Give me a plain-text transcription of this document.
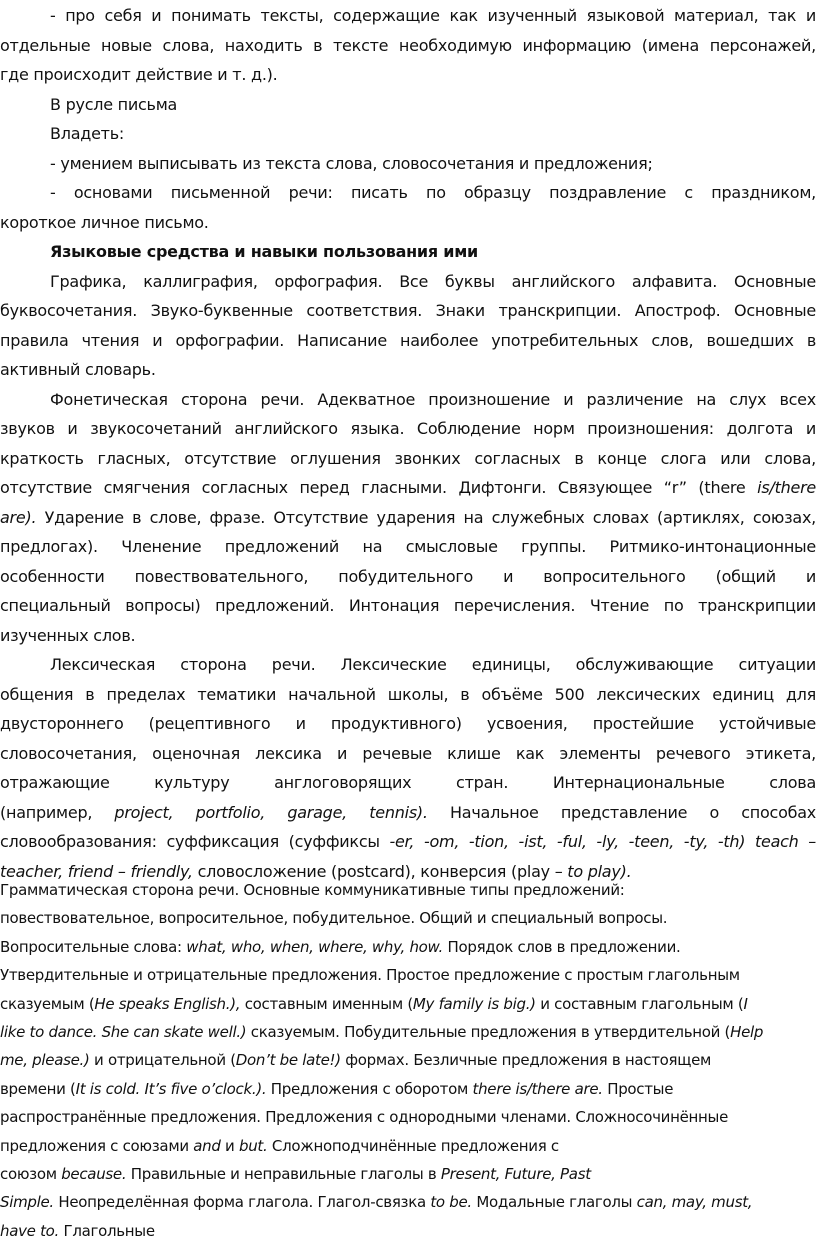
- про себя и понимать тексты, содержащие как изученный языковой материал, так и
отдельные новые слова, находить в тексте необходимую информацию (имена персонажей,
где происходит действие и т. д.).
В русле письма
Владеть:
- умением выписывать из текста слова, словосочетания и предложения;
- основами письменной речи: писать по образцу поздравление с праздником,
короткое личное письмо.
Языковые средства и навыки пользования ими
Графика, каллиграфия, орфография. Все буквы английского алфавита. Основные
буквосочетания. Звуко-буквенные соответствия. Знаки транскрипции. Апостроф. Основные
правила чтения и орфографии. Написание наиболее употребительных слов, вошедших в
активный словарь.
Фонетическая сторона речи. Адекватное произношение и различение на слух всех
звуков и звукосочетаний английского языка. Соблюдение норм произношения: долгота и
краткость гласных, отсутствие оглушения звонких согласных в конце слога или слова,
отсутствие смягчения согласных перед гласными. Дифтонги. Связующее “r” (there is/there
are). Ударение в слове, фразе. Отсутствие ударения на служебных словах (артиклях, союзах,
предлогах). Членение предложений на смысловые группы. Ритмико-интонационные
особенности повествовательного, побудительного и вопросительного (общий и
специальный вопросы) предложений. Интонация перечисления. Чтение по транскрипции
изученных слов.
Лексическая сторона речи. Лексические единицы, обслуживающие ситуации
общения в пределах тематики начальной школы, в объёме 500 лексических единиц для
двустороннего (рецептивного и продуктивного) усвоения, простейшие устойчивые
словосочетания, оценочная лексика и речевые клише как элементы речевого этикета,
отражающие культуру англоговорящих стран. Интернациональные слова
(например, project, portfolio, garage, tennis). Начальное представление о способах
словообразования: суффиксация (суффиксы -er, -om, -tion, -ist, -ful, -ly, -teen, -ty, -th) teach –
teacher, friend – friendly, словосложение (postcard), конверсия (play – to play).
Грамматическая сторона речи. Основные коммуникативные типы предложений:
повествовательное, вопросительное, побудительное. Общий и специальный вопросы.
Вопросительные слова: what, who, when, where, why, how. Порядок слов в предложении.
Утвердительные и отрицательные предложения. Простое предложение с простым глагольным
сказуемым (He speaks English.), составным именным (My family is big.) и составным глагольным (I
like to dance. She can skate well.) сказуемым. Побудительные предложения в утвердительной (Help
me, please.) и отрицательной (Don’t be late!) формах. Безличные предложения в настоящем
времени (It is cold. It’s five o’clock.). Предложения с оборотом there is/there are. Простые
распространённые предложения. Предложения с однородными членами. Сложносочинённые
предложения с союзами and и but. Сложноподчинённые предложения с
союзом because. Правильные и неправильные глаголы в Present, Future, Past
Simple. Неопределённая форма глагола. Глагол-связка to be. Модальные глаголы can, may, must,
have to. Глагольные
